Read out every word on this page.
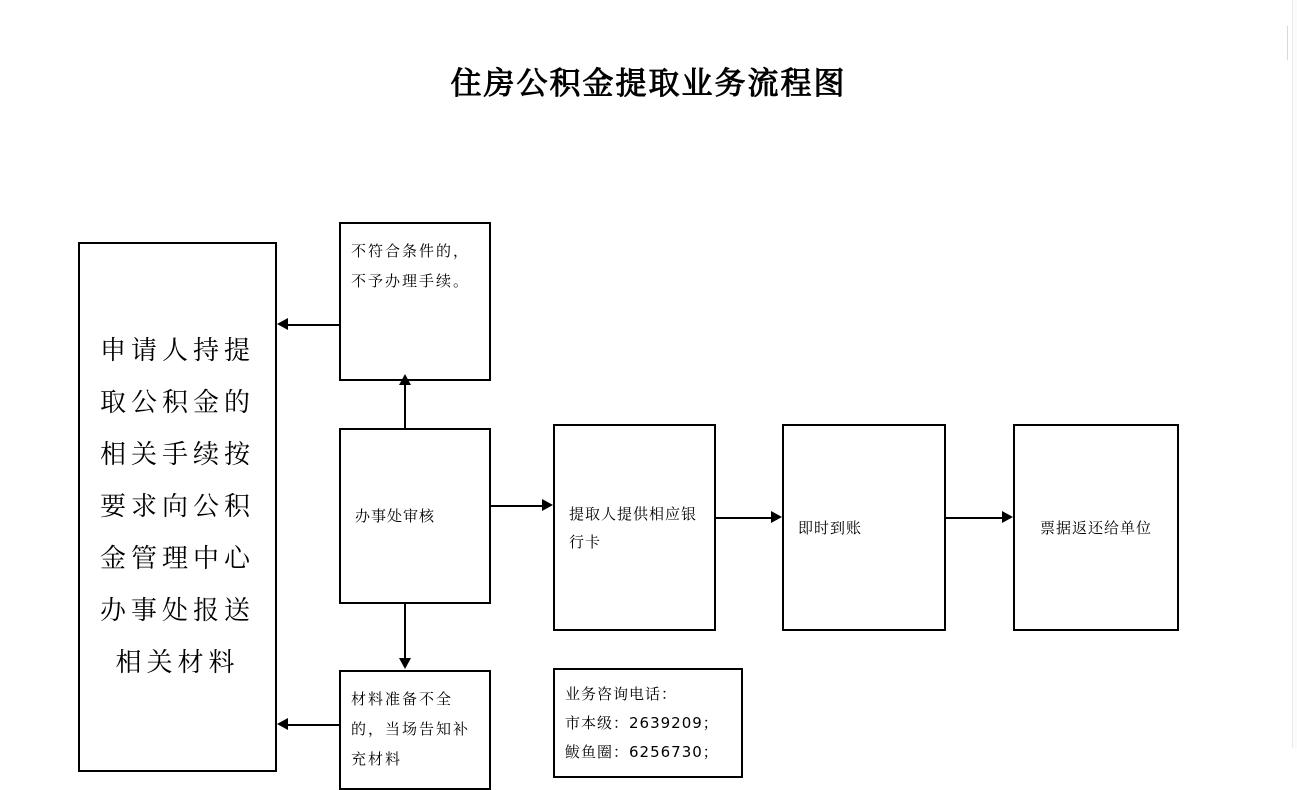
住房公积金提取业务流程图
申请人持提取公积金的相关手续按要求向公积金管理中心办事处报送相关材料
不符合条件的，不予办理手续。
办事处审核	提取人提供相应银行卡
即时到账	票据返还给单位
材料准备不全的，当场告知补充材料
业务咨询电话：
市本级：2639209；
鲅鱼圈：6256730；
